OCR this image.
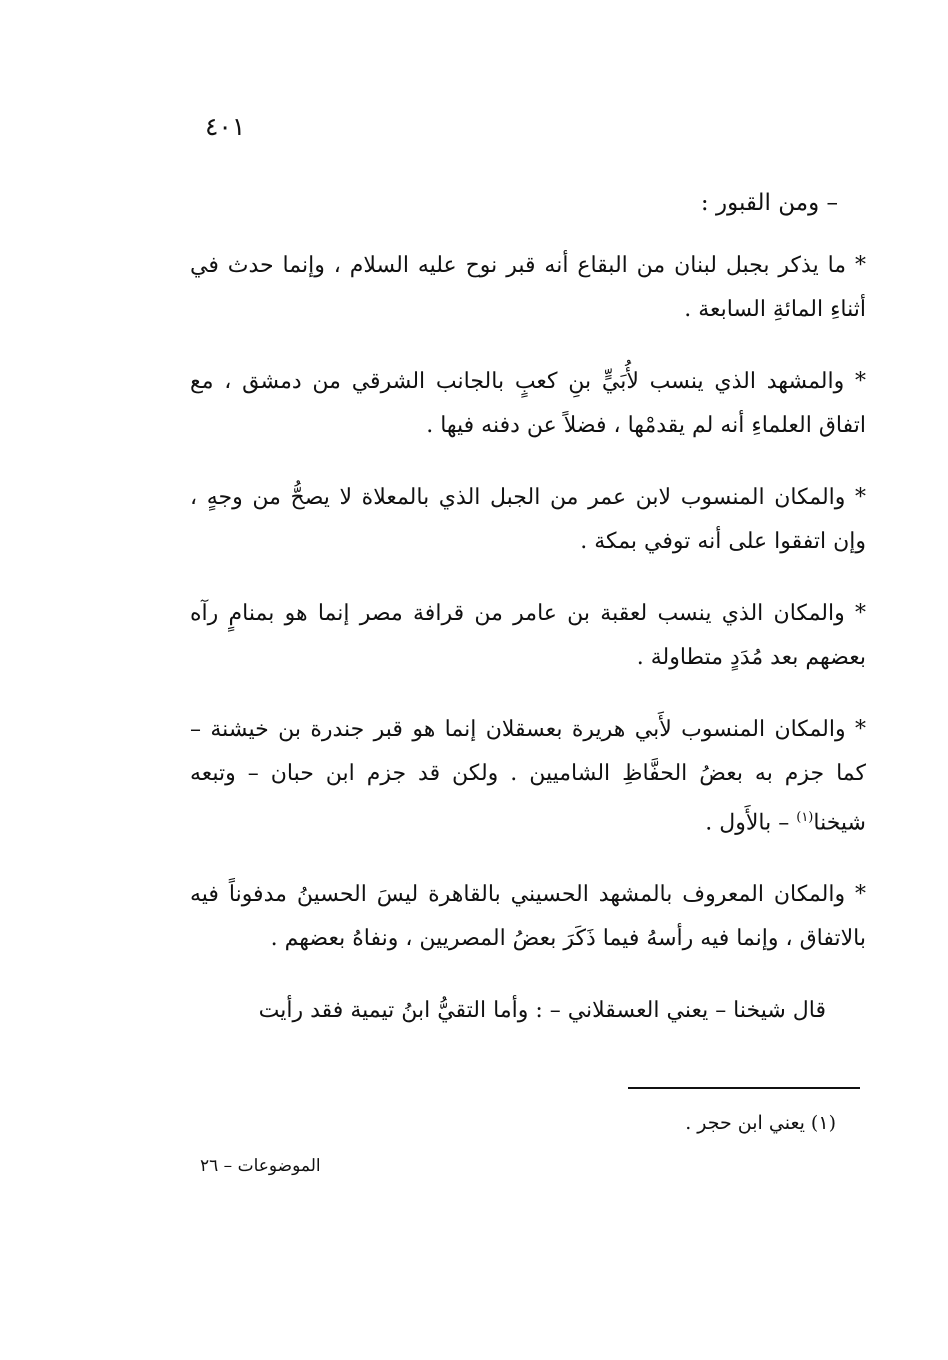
٤٠١
– ومن القبور :

* ما يذكر بجبل لبنان من البقاع أنه قبر نوح عليه السلام ، وإنما حدث في أثناءِ المائةِ السابعة .

* والمشهد الذي ينسب لأُبَيٍّ بنِ كعبٍ بالجانب الشرقي من دمشق ، مع اتفاق العلماءِ أنه لم يقدمْها ، فضلاً عن دفنه فيها .

* والمكان المنسوب لابن عمر من الجبل الذي بالمعلاة لا يصحُّ من وجهٍ ، وإن اتفقوا على أنه توفي بمكة .

* والمكان الذي ينسب لعقبة بن عامر من قرافة مصر إنما هو بمنامٍ رآه بعضهم بعد مُدَدٍ متطاولة .

* والمكان المنسوب لأَبي هريرة بعسقلان إنما هو قبر جندرة بن خيشنة – كما جزم به بعضُ الحفَّاظِ الشاميين . ولكن قد جزم ابن حبان – وتبعه شيخنا$^{(١)}$ – بالأَول .

* والمكان المعروف بالمشهد الحسيني بالقاهرة ليسَ الحسينُ مدفوناً فيه بالاتفاق ، وإنما فيه رأسهُ فيما ذَكَرَ بعضُ المصريين ، ونفاهُ بعضهم .

قال شيخنا – يعني العسقلاني – : وأما التقيُّ ابنُ تيمية فقد رأيت

(١) يعني ابن حجر .
الموضوعات – ٢٦
